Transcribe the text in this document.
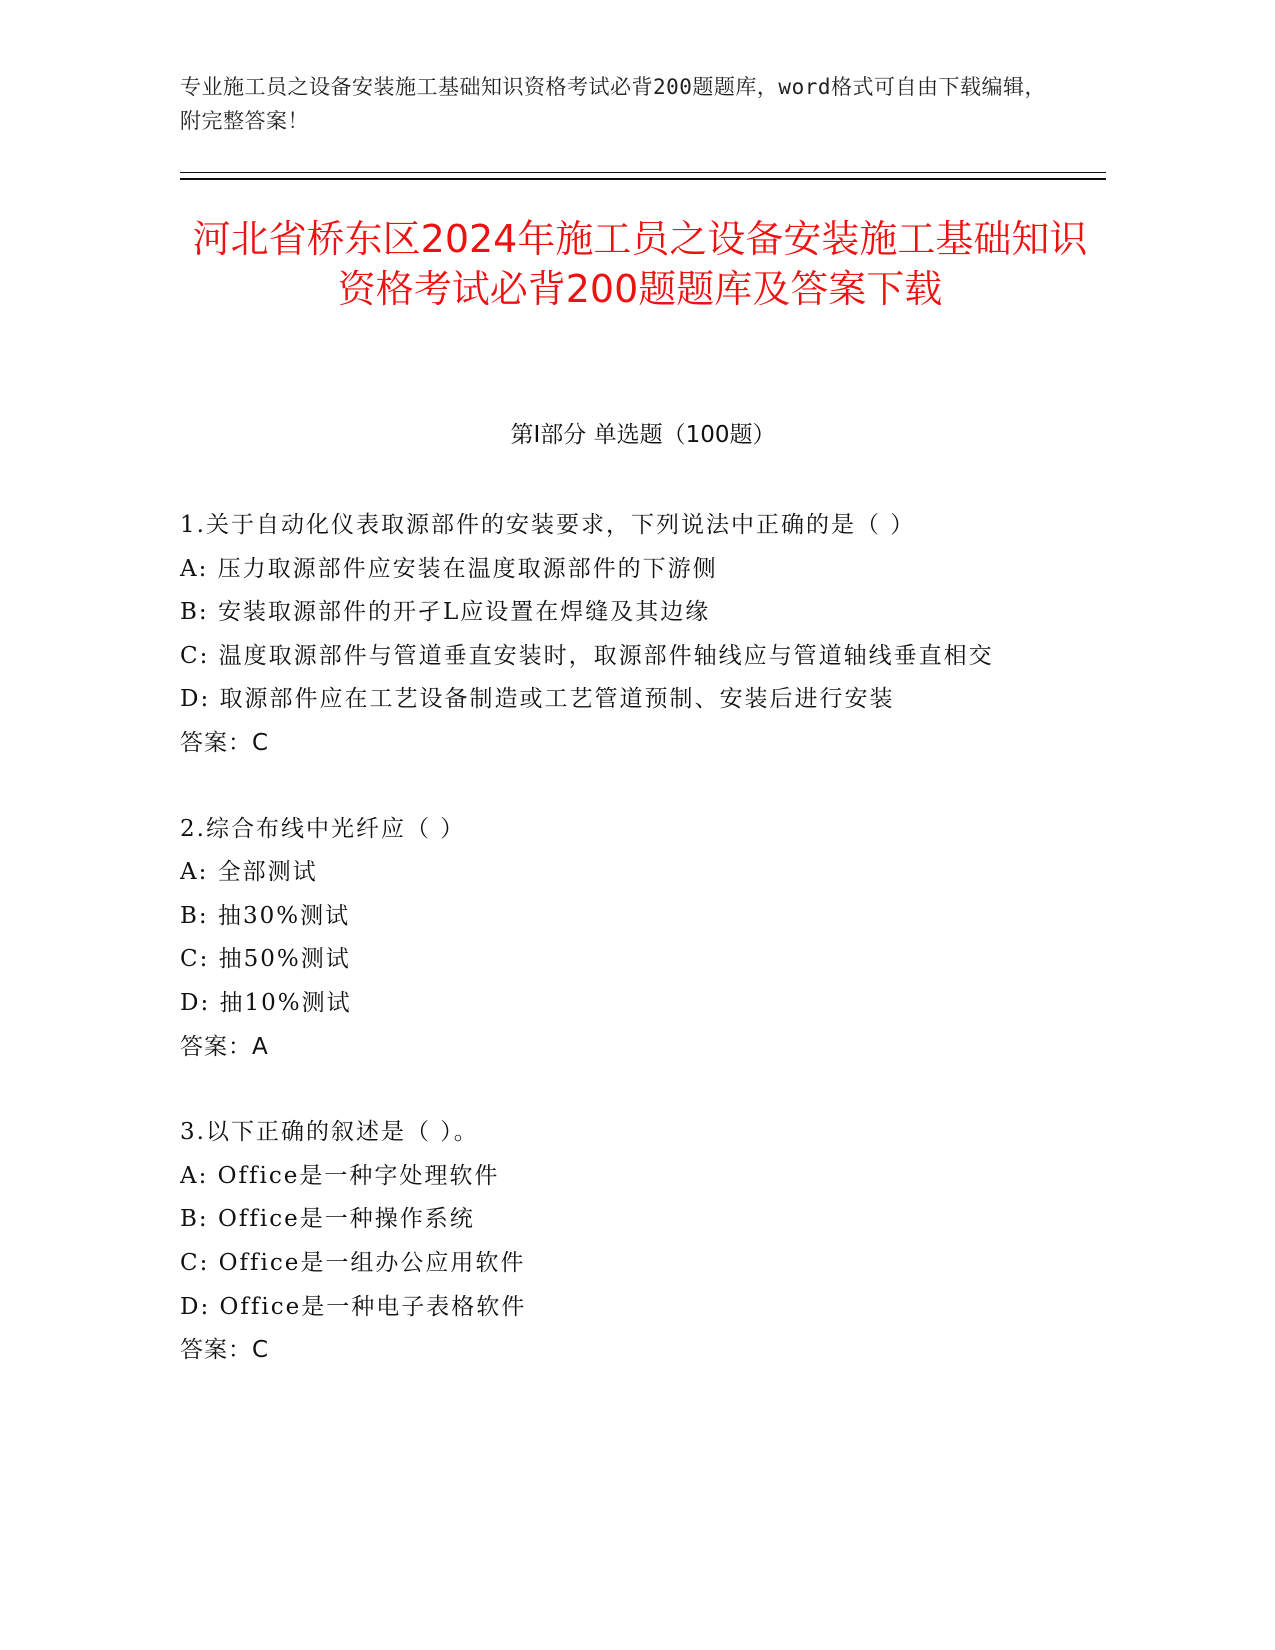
专业施工员之设备安装施工基础知识资格考试必背200题题库，word格式可自由下载编辑，附完整答案！
河北省桥东区2024年施工员之设备安装施工基础知识资格考试必背200题题库及答案下载
第I部分 单选题（100题）
1.关于自动化仪表取源部件的安装要求，下列说法中正确的是（ ）
A: 压力取源部件应安装在温度取源部件的下游侧
B: 安装取源部件的开孑L应设置在焊缝及其边缘
C: 温度取源部件与管道垂直安装时，取源部件轴线应与管道轴线垂直相交
D: 取源部件应在工艺设备制造或工艺管道预制、安装后进行安装
答案：C
2.综合布线中光纤应（ ）
A: 全部测试
B: 抽30%测试
C: 抽50%测试
D: 抽10%测试
答案：A
3.以下正确的叙述是（ ）。
A: Office是一种字处理软件
B: Office是一种操作系统
C: Office是一组办公应用软件
D: Office是一种电子表格软件
答案：C
